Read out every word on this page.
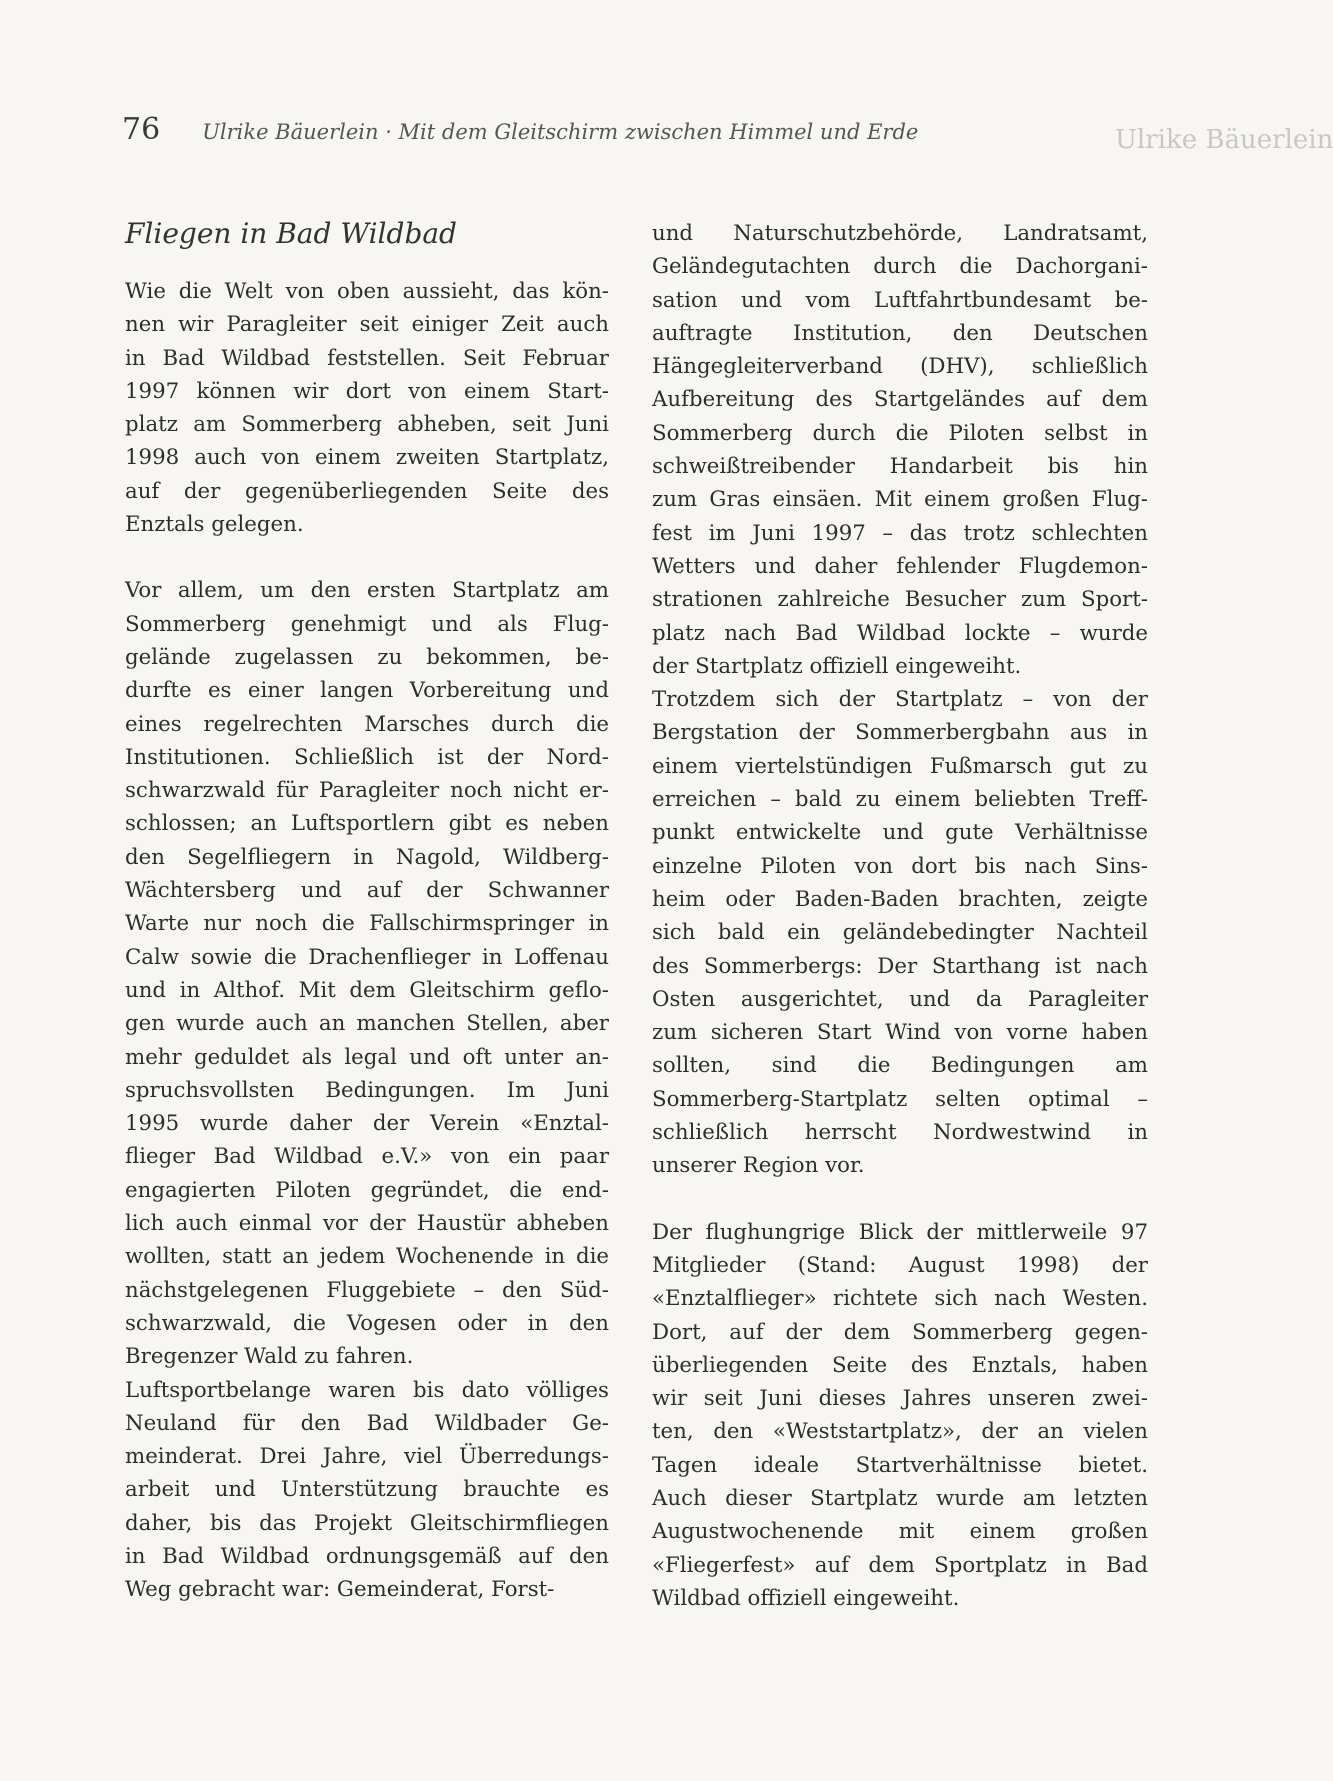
76 Ulrike Bäuerlein · Mit dem Gleitschirm zwischen Himmel und Erde	Ulrike Bäuerlein
Fliegen in Bad Wildbad
Wie die Welt von oben aussieht, das kön-
nen wir Paragleiter seit einiger Zeit auch
in Bad Wildbad feststellen. Seit Februar
1997 können wir dort von einem Start-
platz am Sommerberg abheben, seit Juni
1998 auch von einem zweiten Startplatz,
auf der gegenüberliegenden Seite des
Enztals gelegen.
Vor allem, um den ersten Startplatz am
Sommerberg genehmigt und als Flug-
gelände zugelassen zu bekommen, be-
durfte es einer langen Vorbereitung und
eines regelrechten Marsches durch die
Institutionen. Schließlich ist der Nord-
schwarzwald für Paragleiter noch nicht er-
schlossen; an Luftsportlern gibt es neben
den Segelfliegern in Nagold, Wildberg-
Wächtersberg und auf der Schwanner
Warte nur noch die Fallschirmspringer in
Calw sowie die Drachenflieger in Loffenau
und in Althof. Mit dem Gleitschirm geflo-
gen wurde auch an manchen Stellen, aber
mehr geduldet als legal und oft unter an-
spruchsvollsten Bedingungen. Im Juni
1995 wurde daher der Verein «Enztal-
flieger Bad Wildbad e.V.» von ein paar
engagierten Piloten gegründet, die end-
lich auch einmal vor der Haustür abheben
wollten, statt an jedem Wochenende in die
nächstgelegenen Fluggebiete – den Süd-
schwarzwald, die Vogesen oder in den
Bregenzer Wald zu fahren.
Luftsportbelange waren bis dato völliges
Neuland für den Bad Wildbader Ge-
meinderat. Drei Jahre, viel Überredungs-
arbeit und Unterstützung brauchte es
daher, bis das Projekt Gleitschirmfliegen
in Bad Wildbad ordnungsgemäß auf den
Weg gebracht war: Gemeinderat, Forst-
und Naturschutzbehörde, Landratsamt,
Geländegutachten durch die Dachorgani-
sation und vom Luftfahrtbundesamt be-
auftragte Institution, den Deutschen
Hängegleiterverband (DHV), schließlich
Aufbereitung des Startgeländes auf dem
Sommerberg durch die Piloten selbst in
schweißtreibender Handarbeit bis hin
zum Gras einsäen. Mit einem großen Flug-
fest im Juni 1997 – das trotz schlechten
Wetters und daher fehlender Flugdemon-
strationen zahlreiche Besucher zum Sport-
platz nach Bad Wildbad lockte – wurde
der Startplatz offiziell eingeweiht.
Trotzdem sich der Startplatz – von der
Bergstation der Sommerbergbahn aus in
einem viertelstündigen Fußmarsch gut zu
erreichen – bald zu einem beliebten Treff-
punkt entwickelte und gute Verhältnisse
einzelne Piloten von dort bis nach Sins-
heim oder Baden-Baden brachten, zeigte
sich bald ein geländebedingter Nachteil
des Sommerbergs: Der Starthang ist nach
Osten ausgerichtet, und da Paragleiter
zum sicheren Start Wind von vorne haben
sollten, sind die Bedingungen am
Sommerberg-Startplatz selten optimal –
schließlich herrscht Nordwestwind in
unserer Region vor.
Der flughungrige Blick der mittlerweile 97
Mitglieder (Stand: August 1998) der
«Enztalflieger» richtete sich nach Westen.
Dort, auf der dem Sommerberg gegen-
überliegenden Seite des Enztals, haben
wir seit Juni dieses Jahres unseren zwei-
ten, den «Weststartplatz», der an vielen
Tagen ideale Startverhältnisse bietet.
Auch dieser Startplatz wurde am letzten
Augustwochenende mit einem großen
«Fliegerfest» auf dem Sportplatz in Bad
Wildbad offiziell eingeweiht.
